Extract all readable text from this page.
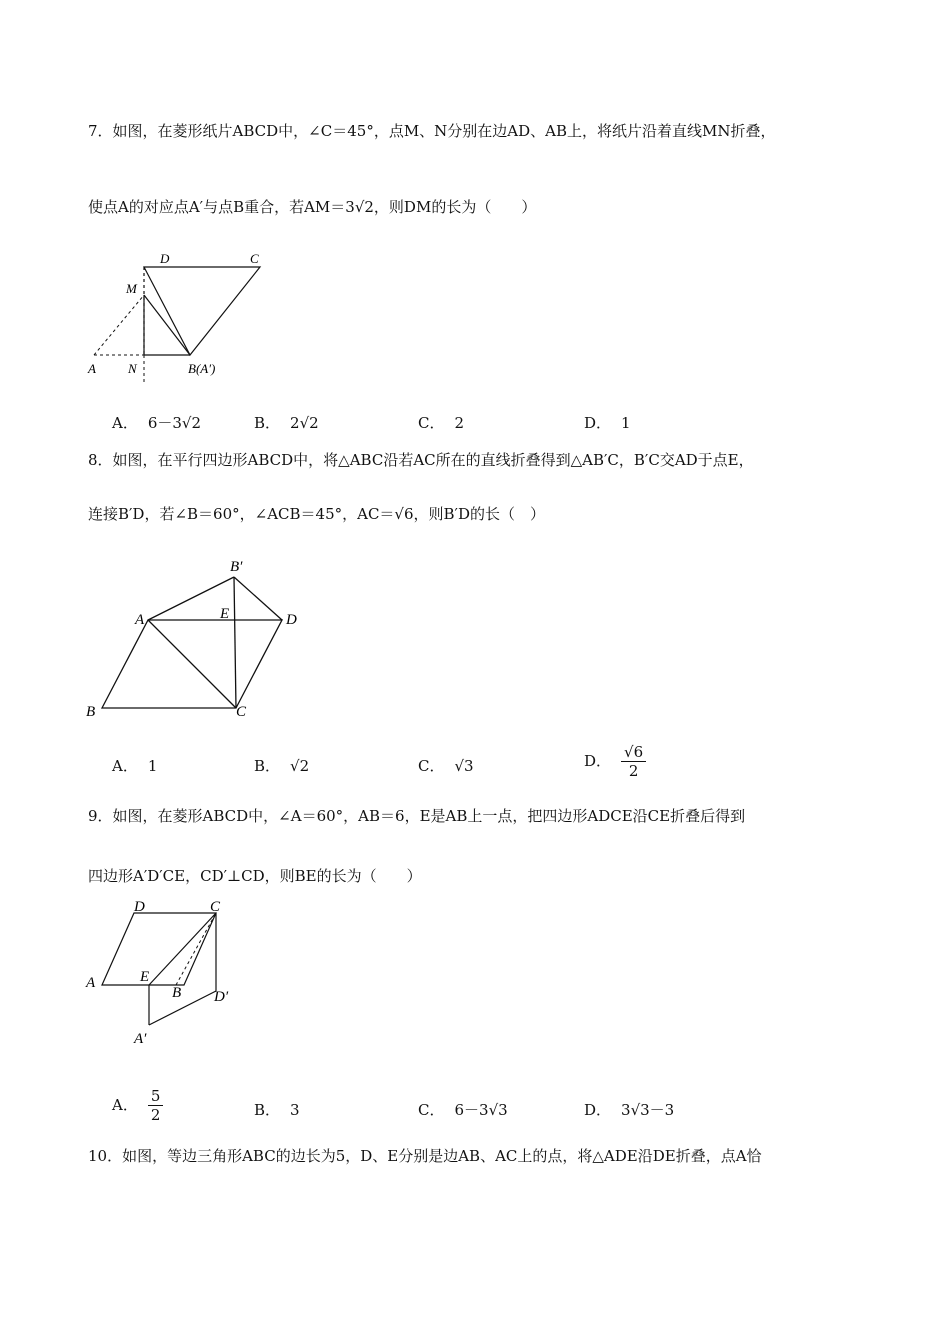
7．如图，在菱形纸片ABCD中，∠C＝45°，点M、N分别在边AD、AB上，将纸片沿着直线MN折叠，
使点A的对应点A′与点B重合，若AM＝3√2，则DM的长为（　　）
D	C
M
A N	B(A′)
A． 6－3√2	B． 2√2	C． 2	D． 1
8．如图，在平行四边形ABCD中，将△ABC沿若AC所在的直线折叠得到△AB′C，B′C交AD于点E，
连接B′D，若∠B＝60°，∠ACB＝45°，AC＝√6，则B′D的长（　）
B′
A	E	D
B	C
A． 1	B． √2	C． √3	D． $\frac{√6}{2}$
9．如图，在菱形ABCD中，∠A＝60°，AB＝6，E是AB上一点，把四边形ADCE沿CE折叠后得到
四边形A′D′CE，CD′⊥CD，则BE的长为（　　）
D	C
A	E
B D′
A′
A． $\frac{5}{2}$	B． 3	C． 6－3√3	D． 3√3－3
10．如图，等边三角形ABC的边长为5，D、E分别是边AB、AC上的点，将△ADE沿DE折叠，点A恰
